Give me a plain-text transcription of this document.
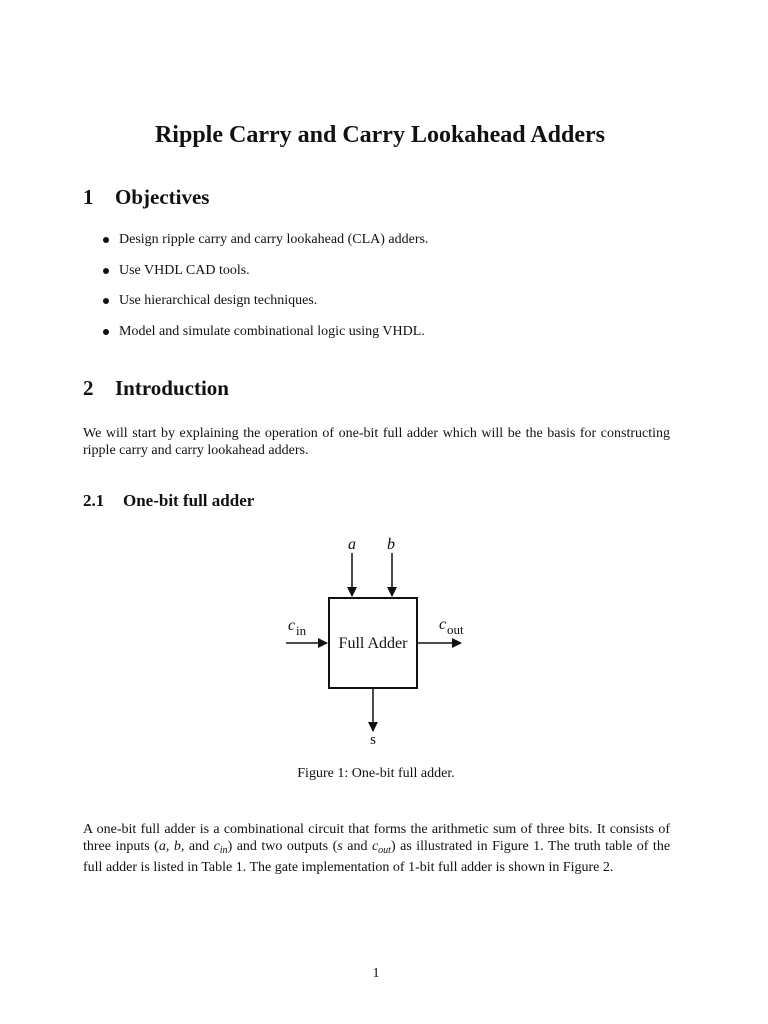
Ripple Carry and Carry Lookahead Adders
1 Objectives
Design ripple carry and carry lookahead (CLA) adders.
Use VHDL CAD tools.
Use hierarchical design techniques.
Model and simulate combinational logic using VHDL.
2 Introduction
We will start by explaining the operation of one-bit full adder which will be the basis for constructing ripple carry and carry lookahead adders.
2.1 One-bit full adder
Full Adder
a b
c in	c out
s
Figure 1: One-bit full adder.
A one-bit full adder is a combinational circuit that forms the arithmetic sum of three bits. It consists of three inputs (a, b, and $c_{in}$) and two outputs (s and $c_{out}$) as illustrated in Figure 1. The truth table of the full adder is listed in Table 1. The gate implementation of 1-bit full adder is shown in Figure 2.
1
